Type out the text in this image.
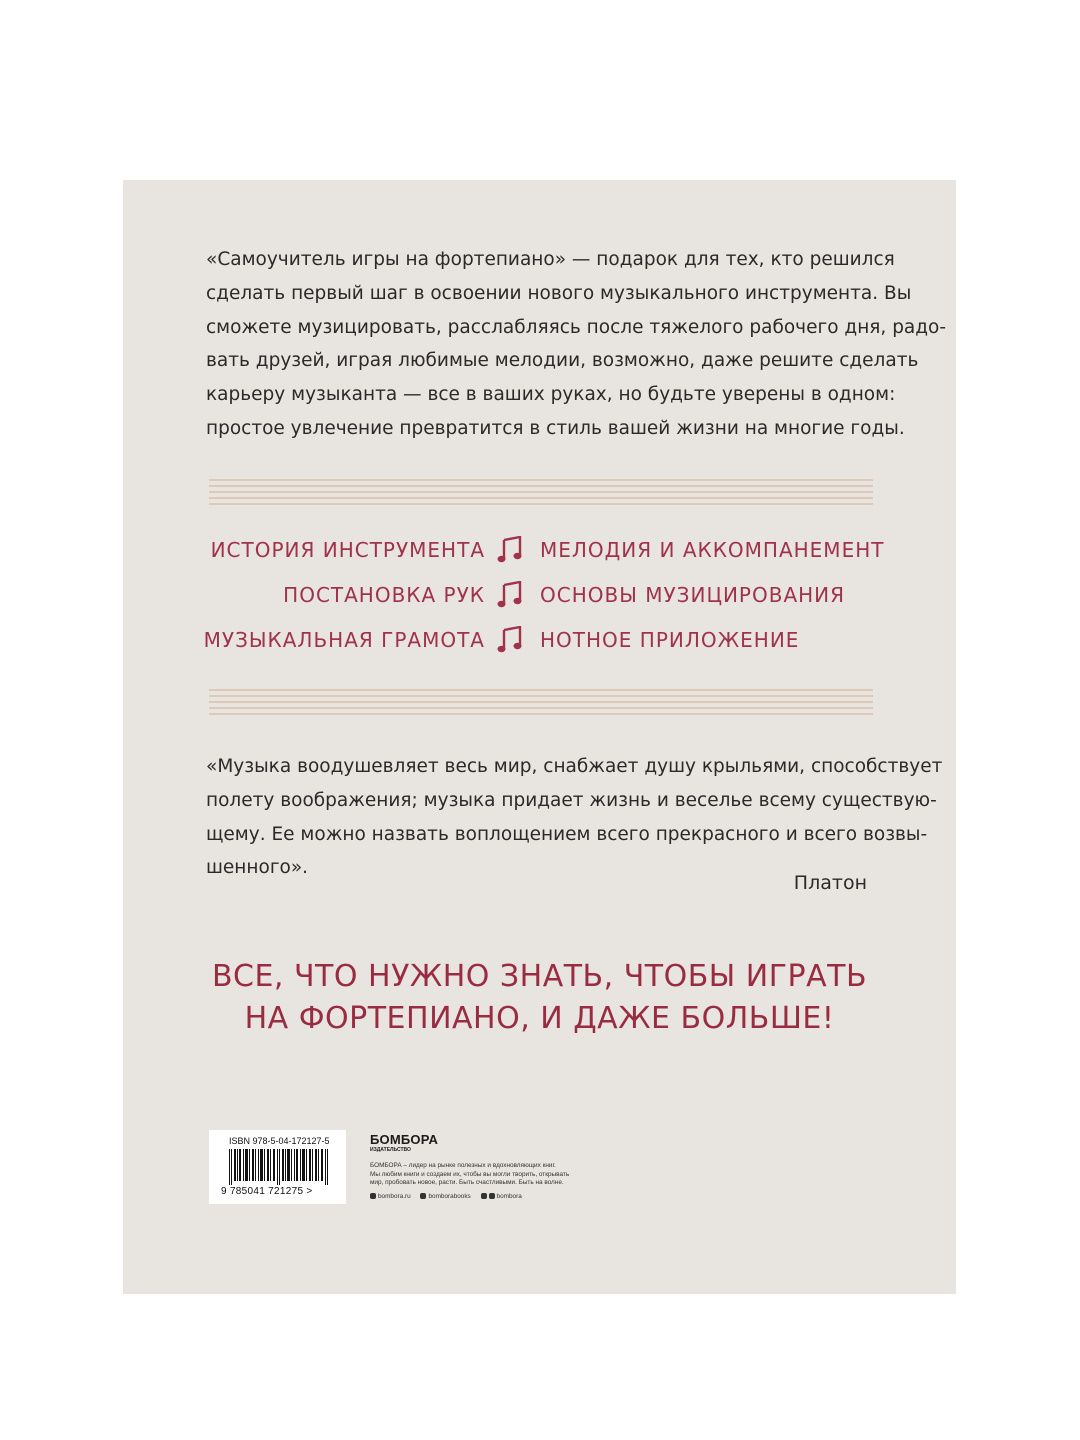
«Самоучитель игры на фортепиано» — подарок для тех, кто решился
сделать первый шаг в освоении нового музыкального инструмента. Вы
сможете музицировать, расслабляясь после тяжелого рабочего дня, радо-
вать друзей, играя любимые мелодии, возможно, даже решите сделать
карьеру музыканта — все в ваших руках, но будьте уверены в одном:
простое увлечение превратится в стиль вашей жизни на многие годы.

ИСТОРИЯ ИНСТРУМЕНТА	МЕЛОДИЯ И АККОМПАНЕМЕНТ
ПОСТАНОВКА РУК	ОСНОВЫ МУЗИЦИРОВАНИЯ
МУЗЫКАЛЬНАЯ ГРАМОТА	НОТНОЕ ПРИЛОЖЕНИЕ

«Музыка воодушевляет весь мир, снабжает душу крыльями, способствует
полету воображения; музыка придает жизнь и веселье всему существую-
щему. Ее можно назвать воплощением всего прекрасного и всего возвы-
шенного».

Платон
ВСЕ, ЧТО НУЖНО ЗНАТЬ, ЧТОБЫ ИГРАТЬ
НА ФОРТЕПИАНО, И ДАЖЕ БОЛЬШЕ!
ISBN 978-5-04-172127-5
9 785041 721275 >
БОМБОРА
ИЗДАТЕЛЬСТВО
БОМБОРА – лидер на рынке полезных и вдохновляющих книг.
Мы любим книги и создаем их, чтобы вы могли творить, открывать
мир, пробовать новое, расти. Быть счастливыми. Быть на волне.
bombora.ru	bomborabooks	bombora
